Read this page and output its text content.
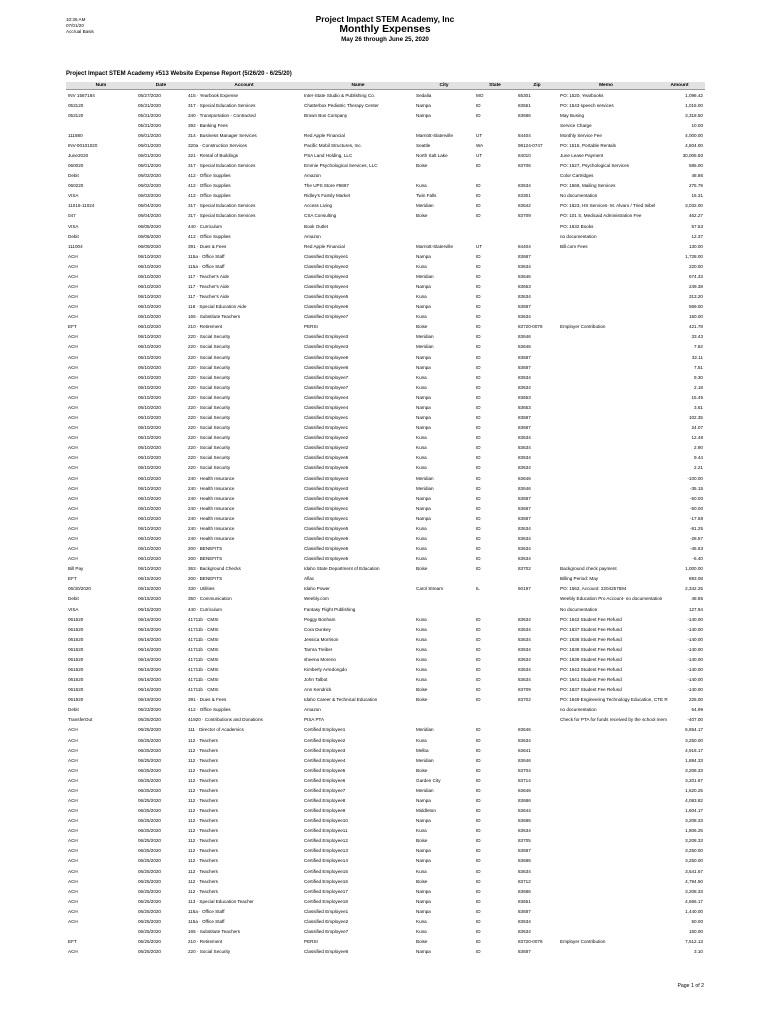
10:36 AM
07/01/20
Accrual Basis
Project Impact STEM Academy, Inc
Monthly Expenses
May 26 through June 25, 2020
Project Impact STEM Academy #513 Website Expense Report (5/26/20 - 6/25/20)
Num	Date	Account	Name	City	State	Zip	Memo	Amount
INV 1587184	05/27/2020	415 · Yearbook Expense	Inter-State Studio & Publishing Co.	Sedalia	MO	65301	PO: 1520, Yearbooks	1,098.42
053120	05/31/2020	317 · Special Education Services	Chatterbox Pediatric Therapy Center	Nampa	ID	83651	PO: 1543 speech services	1,015.00
053120	05/31/2020	340 · Transportation - Contracted	Brown Bus Company	Nampa	ID	83686	May Busing	3,318.50
	05/31/2020	392 · Banking Fees					Service Charge	10.00
111880	06/01/2020	314 · Business Manager Services	Red Apple Financial	Marriott-Slaterville	UT	84404	Monthly Service Fee	4,000.00
INV-00101020	06/01/2020	320a · Construction Services	Pacific Mobil Structures, Inc.	Seattle	WA	98124-0747	PO: 1515, Portable Rentals	4,604.00
June2020	06/01/2020	321 · Rental of Buildings	PSA Land Holding, LLC	North Salt Lake	UT	84010	June Lease Payment	30,005.50
060020	06/01/2020	317 · Special Education Services	Emmie Psychological Services, LLC	Boise	ID	83706	PO: 1527, Psychological Services	585.00
Debit	06/02/2020	412 · Office Supplies	Amazon				Color Cartridges	48.86
060220	06/02/2020	412 · Office Supplies	The UPS Store #5867	Kuna	ID	83634	PO: 1566, Mailing Services	275.79
VISA	06/03/2020	412 · Office Supplies	Ridley's Family Market	Twin Falls	ID	83301	No documentation	15.31
11015-11024	06/04/2020	317 · Special Education Services	Access Living	Meridian	ID	83642	PO: 1623, HS Services- M. Alvaro / Tried Isibel	3,032.00
047	06/04/2020	317 · Special Education Services	CSA Consulting	Boise	ID	83709	PO: 101 S, Medicaid Administration Fee	462.27
VISA	06/05/2020	440 · Curriculum	Book Outlet				PO: 1632 Books	57.53
Debit	06/06/2020	412 · Office Supplies	Amazon				no documentation	12.37
111004	06/09/2020	391 · Dues & Fees	Red Apple Financial	Marriott-Slaterville	UT	84404	Bill.com Fees	130.00
ACH	06/10/2020	115a · Office Staff	Classified Employee1	Nampa	ID	83687		1,728.00
ACH	06/10/2020	115a · Office Staff	Classified Employee2	Kuna	ID	83634		220.00
ACH	06/10/2020	117 · Teacher's Aide	Classified Employee3	Meridian	ID	83646		674.33
ACH	06/10/2020	117 · Teacher's Aide	Classified Employee4	Nampa	ID	83653		249.38
ACH	06/10/2020	117 · Teacher's Aide	Classified Employee5	Kuna	ID	83634		313.20
ACH	06/10/2020	118 · Special Education Aide	Classified Employee6	Nampa	ID	83687		569.00
ACH	06/10/2020	165 · Substitute Teachers	Classified Employee7	Kuna	ID	83634		150.00
EFT	06/10/2020	210 · Retirement	PERSI	Boise	ID	83720-0078	Employer Contribution	421.78
ACH	06/10/2020	220 · Social Security	Classified Employee3	Meridian	ID	83646		33.43
ACH	06/10/2020	220 · Social Security	Classified Employee3	Meridian	ID	83646		7.82
ACH	06/10/2020	220 · Social Security	Classified Employee6	Nampa	ID	83687		32.11
ACH	06/10/2020	220 · Social Security	Classified Employee6	Nampa	ID	83687		7.51
ACH	06/10/2020	220 · Social Security	Classified Employee7	Kuna	ID	83634		9.30
ACH	06/10/2020	220 · Social Security	Classified Employee7	Kuna	ID	83634		2.18
ACH	06/10/2020	220 · Social Security	Classified Employee4	Nampa	ID	83653		15.45
ACH	06/10/2020	220 · Social Security	Classified Employee4	Nampa	ID	83653		3.61
ACH	06/10/2020	220 · Social Security	Classified Employee1	Nampa	ID	83687		102.35
ACH	06/10/2020	220 · Social Security	Classified Employee1	Nampa	ID	83687		24.07
ACH	06/10/2020	220 · Social Security	Classified Employee2	Kuna	ID	83634		12.48
ACH	06/10/2020	220 · Social Security	Classified Employee2	Kuna	ID	83634		2.90
ACH	06/10/2020	220 · Social Security	Classified Employee5	Kuna	ID	83634		9.44
ACH	06/10/2020	220 · Social Security	Classified Employee5	Kuna	ID	83634		2.21
ACH	06/10/2020	240 · Health Insurance	Classified Employee3	Meridian	ID	83646		-100.00
ACH	06/10/2020	240 · Health Insurance	Classified Employee3	Meridian	ID	83646		-35.15
ACH	06/10/2020	240 · Health Insurance	Classified Employee6	Nampa	ID	83687		-50.00
ACH	06/10/2020	240 · Health Insurance	Classified Employee1	Nampa	ID	83687		-50.00
ACH	06/10/2020	240 · Health Insurance	Classified Employee1	Nampa	ID	83687		-17.58
ACH	06/10/2020	240 · Health Insurance	Classified Employee5	Kuna	ID	83634		-81.25
ACH	06/10/2020	240 · Health Insurance	Classified Employee5	Kuna	ID	83634		-28.57
ACH	06/10/2020	200 · BENEFITS	Classified Employee5	Kuna	ID	83634		-45.63
ACH	06/10/2020	200 · BENEFITS	Classified Employee5	Kuna	ID	83634		-5.40
Bill Pay	06/10/2020	363 · Background Checks	Idaho State Department of Education	Boise	ID	83702	Background check payment	1,000.00
EFT	06/15/2020	200 · BENEFITS	Aflac				Billing Period: May	893.08
06/30/2020	06/15/2020	330 · Utilities	Idaho Power	Carol Stream	IL	60197	PO: 1562, Account: 2204257594	2,342.25
Debit	06/15/2020	350 · Communication	Weebly.com				Weebly Education Pro Account- no documentation	48.85
VISA	06/15/2020	440 · Curriculum	Fantasy Flight Publishing				No documentation	127.94
061620	06/16/2020	41711b · CMSI	Peggy Bonham	Kuna	ID	83634	PO: 1642 Student Fee Refund	-140.00
061620	06/16/2020	41711b · CMSI	Cora Dunkey	Kuna	ID	83634	PO: 1637 Student Fee Refund	-140.00
061620	06/16/2020	41711b · CMSI	Jessica Morrison	Kuna	ID	83634	PO: 1636 Student Fee Refund	-140.00
061620	06/16/2020	41711b · CMSI	Tamra Treiber	Kuna	ID	83634	PO: 1638 Student Fee Refund	-140.00
061620	06/16/2020	41711b · CMSI	sheena Moreno	Kuna	ID	83634	PO: 1639 Student Fee Refund	-140.00
061620	06/16/2020	41711b · CMSI	Kimberly Arredongdo	Kuna	ID	83634	PO: 1643 Student Fee Refund	-140.00
061620	06/16/2020	41711b · CMSI	John Talbot	Kuna	ID	83634	PO: 1641 Student Fee Refund	-140.00
061620	06/16/2020	41711b · CMSI	Ann Kendrick	Boise	ID	83709	PO: 1637 Student Fee Refund	-140.00
061920	06/19/2020	391 · Dues & Fees	Idaho Career & Technical Education	Boise	ID	83702	PO: 1649 Engineering Technology Education, CTE R	225.00
Debit	06/23/2020	412 · Office Supplies	Amazon				no documentation	64.99
TransferOut	06/25/2020	41920 · Contributions and Donations	PISA PTA				Check for PTA for funds received by the school mem	-407.00
ACH	06/25/2020	111 · Director of Academics	Certified Employee1	Meridian	ID	83646		6,654.17
ACH	06/25/2020	112 · Teachers	Certified Employee2	Kuna	ID	83634		3,250.00
ACH	06/25/2020	112 · Teachers	Certified Employee3	Melba	ID	83641		4,916.17
ACH	06/25/2020	112 · Teachers	Certified Employee4	Meridian	ID	83646		1,884.33
ACH	06/25/2020	112 · Teachers	Certified Employee5	Boise	ID	83704		3,208.33
ACH	06/25/2020	112 · Teachers	Certified Employee6	Garden City	ID	83714		3,201.67
ACH	06/25/2020	112 · Teachers	Certified Employee7	Meridian	ID	83646		1,620.25
ACH	06/25/2020	112 · Teachers	Certified Employee8	Nampa	ID	83686		4,083.82
ACH	06/25/2020	112 · Teachers	Certified Employee9	Middleton	ID	83644		1,604.17
ACH	06/25/2020	112 · Teachers	Certified Employee10	Nampa	ID	83686		3,208.33
ACH	06/25/2020	112 · Teachers	Certified Employee11	Kuna	ID	83634		1,806.25
ACH	06/25/2020	112 · Teachers	Certified Employee12	Boise	ID	83705		3,208.33
ACH	06/25/2020	112 · Teachers	Certified Employee13	Nampa	ID	83687		3,250.00
ACH	06/25/2020	112 · Teachers	Certified Employee14	Nampa	ID	83686		3,250.00
ACH	06/25/2020	112 · Teachers	Certified Employee15	Kuna	ID	83634		3,541.67
ACH	06/25/2020	112 · Teachers	Certified Employee16	Boise	ID	83712		4,794.50
ACH	06/25/2020	112 · Teachers	Certified Employee17	Nampa	ID	83686		3,208.33
ACH	06/25/2020	113 · Special Education Teacher	Certified Employee18	Nampa	ID	83651		4,666.17
ACH	06/25/2020	115a · Office Staff	Classified Employee1	Nampa	ID	83687		1,440.00
ACH	06/25/2020	115a · Office Staff	Classified Employee2	Kuna	ID	83634		50.00
	06/25/2020	165 · Substitute Teachers	Classified Employee7	Kuna	ID	83634		150.00
EFT	06/25/2020	210 · Retirement	PERSI	Boise	ID	83720-0078	Employer Contribution	7,512.13
ACH	06/25/2020	220 · Social Security	Classified Employee6	Nampa	ID	83687		3.10
Page 1 of 2
